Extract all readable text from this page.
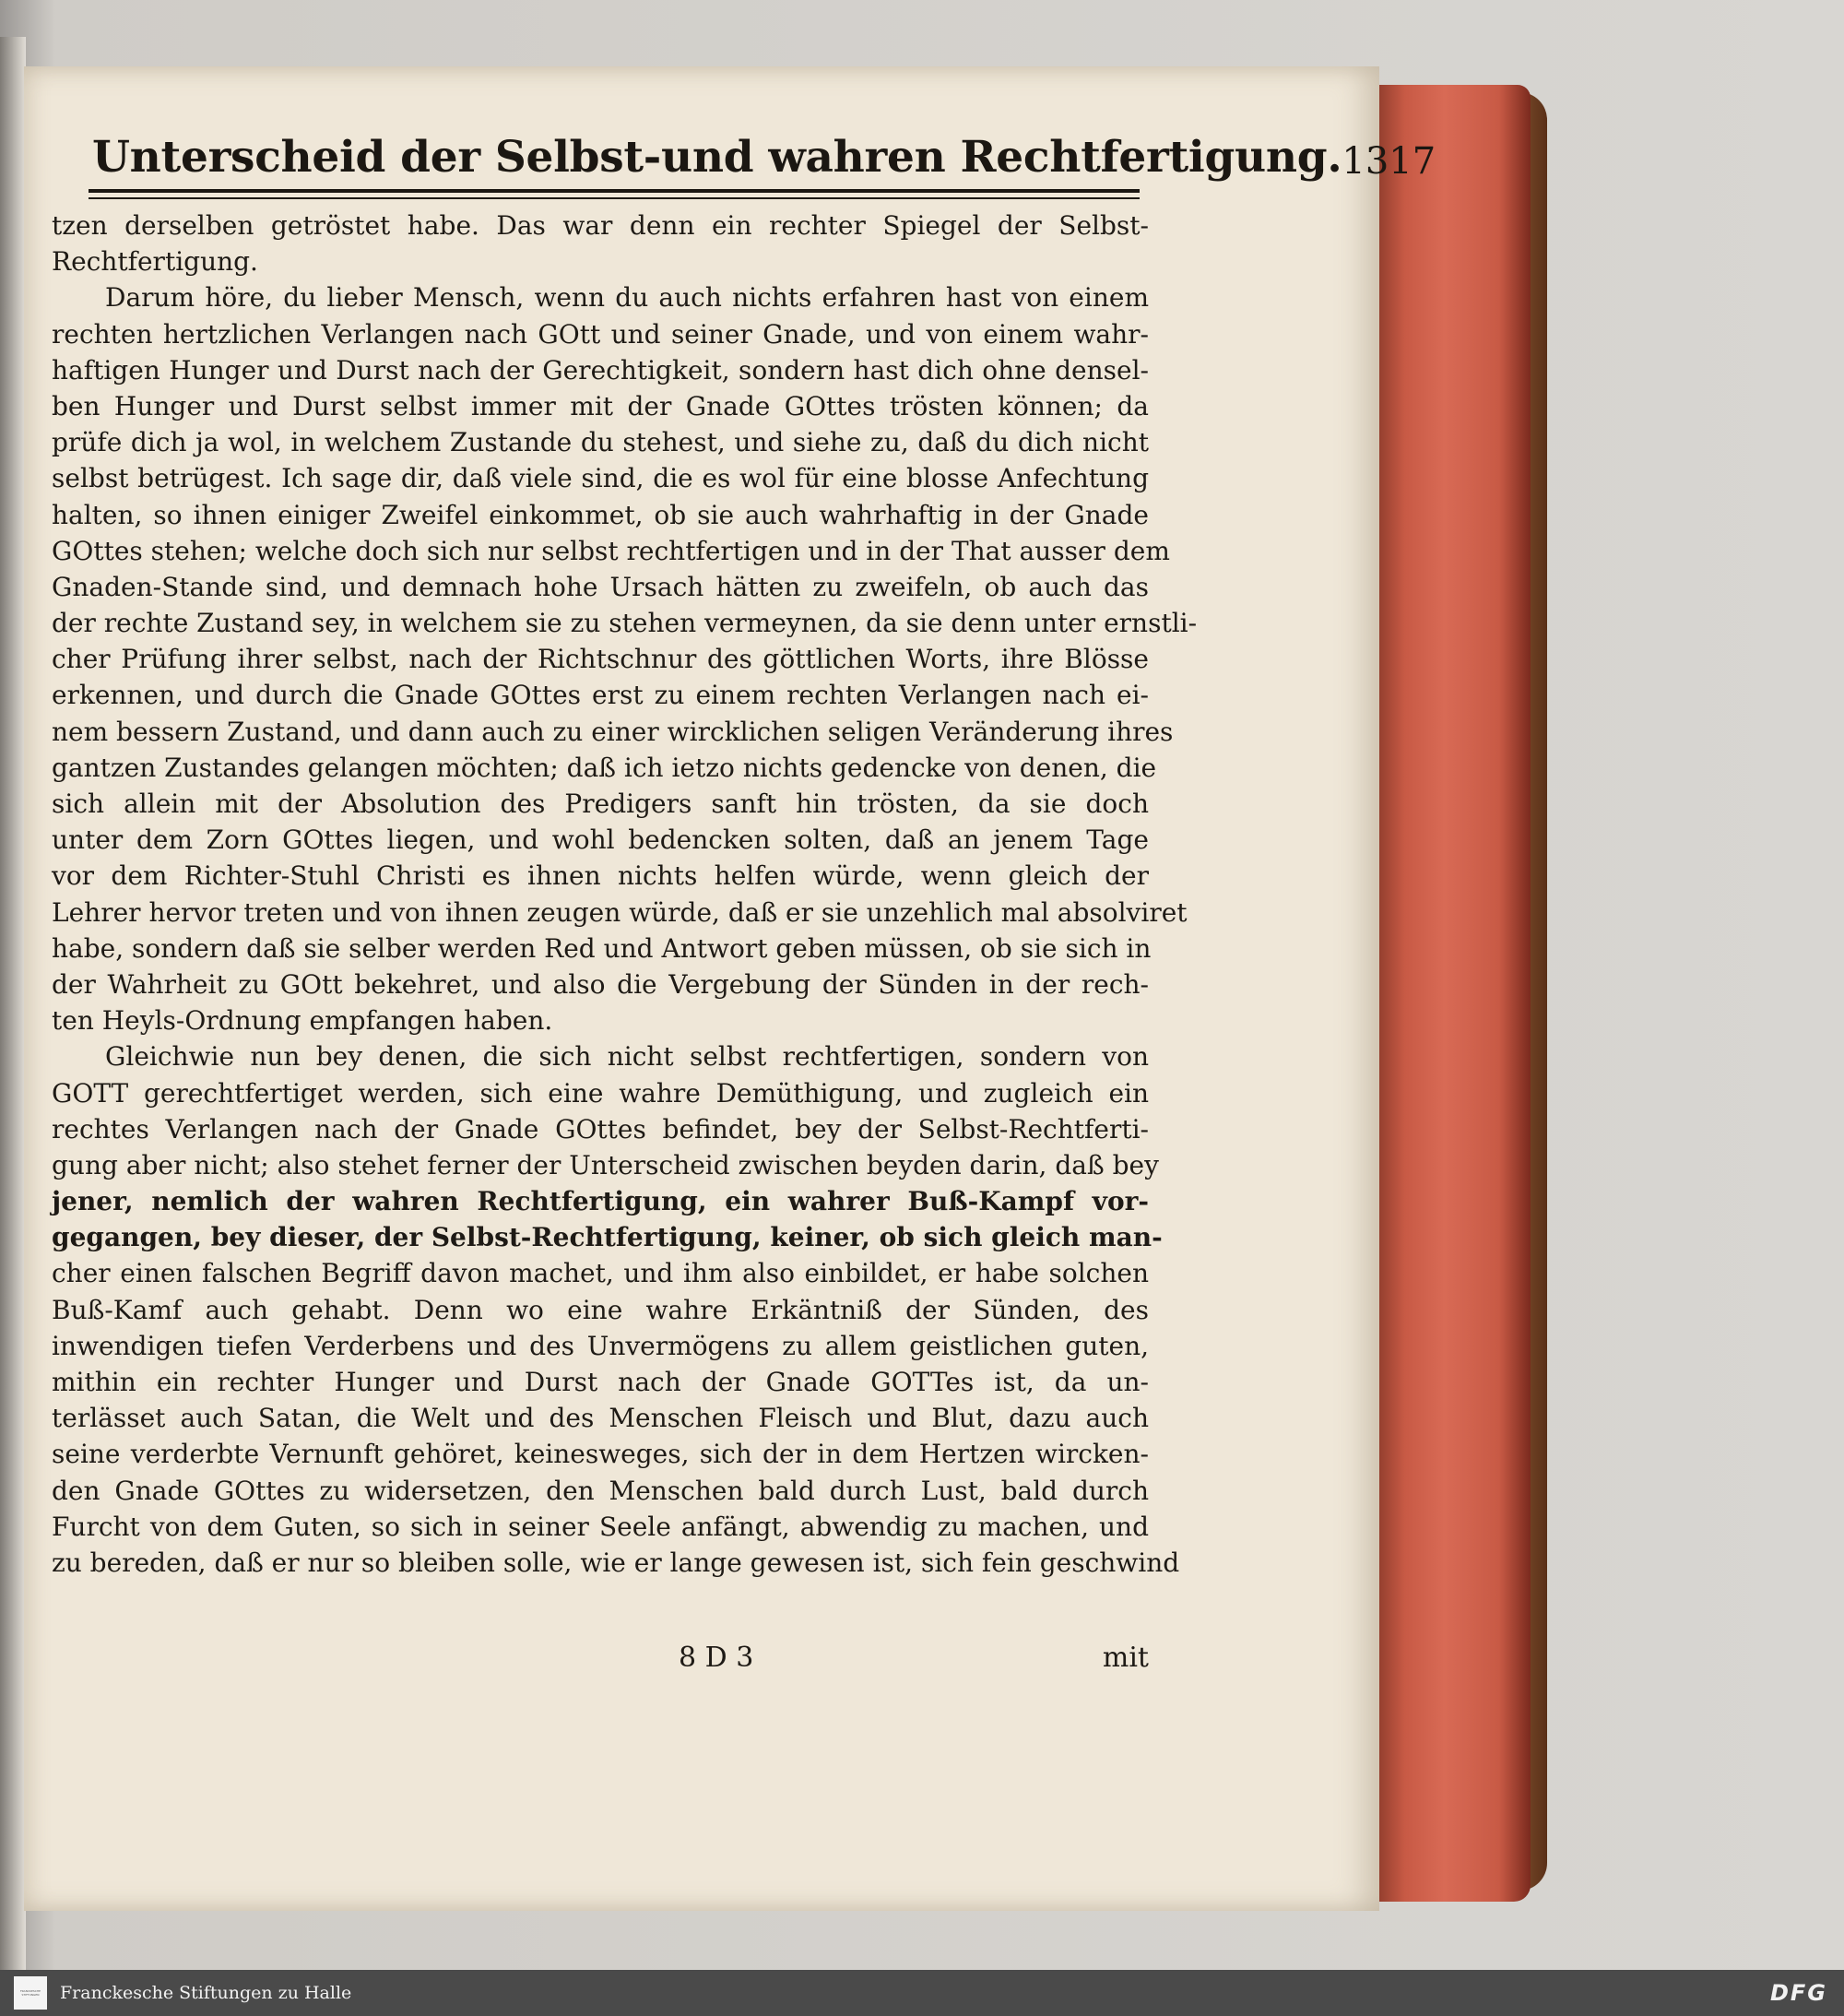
Unterscheid der Selbst-und wahren Rechtfertigung. 1317
tzen derselben getröstet habe. Das war denn ein rechter Spiegel der Selbst-
Rechtfertigung.
Darum höre, du lieber Mensch, wenn du auch nichts erfahren hast von einem
rechten hertzlichen Verlangen nach GOtt und seiner Gnade, und von einem wahr-
haftigen Hunger und Durst nach der Gerechtigkeit, sondern hast dich ohne densel-
ben Hunger und Durst selbst immer mit der Gnade GOttes trösten können; da
prüfe dich ja wol, in welchem Zustande du stehest, und siehe zu, daß du dich nicht
selbst betrügest. Ich sage dir, daß viele sind, die es wol für eine blosse Anfechtung
halten, so ihnen einiger Zweifel einkommet, ob sie auch wahrhaftig in der Gnade
GOttes stehen; welche doch sich nur selbst rechtfertigen und in der That ausser dem
Gnaden-Stande sind, und demnach hohe Ursach hätten zu zweifeln, ob auch das
der rechte Zustand sey, in welchem sie zu stehen vermeynen, da sie denn unter ernstli-
cher Prüfung ihrer selbst, nach der Richtschnur des göttlichen Worts, ihre Blösse
erkennen, und durch die Gnade GOttes erst zu einem rechten Verlangen nach ei-
nem bessern Zustand, und dann auch zu einer wircklichen seligen Veränderung ihres
gantzen Zustandes gelangen möchten; daß ich ietzo nichts gedencke von denen, die
sich allein mit der Absolution des Predigers sanft hin trösten, da sie doch
unter dem Zorn GOttes liegen, und wohl bedencken solten, daß an jenem Tage
vor dem Richter-Stuhl Christi es ihnen nichts helfen würde, wenn gleich der
Lehrer hervor treten und von ihnen zeugen würde, daß er sie unzehlich mal absolviret
habe, sondern daß sie selber werden Red und Antwort geben müssen, ob sie sich in
der Wahrheit zu GOtt bekehret, und also die Vergebung der Sünden in der rech-
ten Heyls-Ordnung empfangen haben.
Gleichwie nun bey denen, die sich nicht selbst rechtfertigen, sondern von
GOTT gerechtfertiget werden, sich eine wahre Demüthigung, und zugleich ein
rechtes Verlangen nach der Gnade GOttes befindet, bey der Selbst-Rechtferti-
gung aber nicht; also stehet ferner der Unterscheid zwischen beyden darin, daß bey
jener, nemlich der wahren Rechtfertigung, ein wahrer Buß-Kampf vor-
gegangen, bey dieser, der Selbst-Rechtfertigung, keiner, ob sich gleich man-
cher einen falschen Begriff davon machet, und ihm also einbildet, er habe solchen
Buß-Kamf auch gehabt. Denn wo eine wahre Erkäntniß der Sünden, des
inwendigen tiefen Verderbens und des Unvermögens zu allem geistlichen guten,
mithin ein rechter Hunger und Durst nach der Gnade GOTTes ist, da un-
terlässet auch Satan, die Welt und des Menschen Fleisch und Blut, dazu auch
seine verderbte Vernunft gehöret, keinesweges, sich der in dem Hertzen wircken-
den Gnade GOttes zu widersetzen, den Menschen bald durch Lust, bald durch
Furcht von dem Guten, so sich in seiner Seele anfängt, abwendig zu machen, und
zu bereden, daß er nur so bleiben solle, wie er lange gewesen ist, sich fein geschwind
8 D 3	mit
FRANCKESCHE STIFTUNGEN	Franckesche Stiftungen zu Halle	DFG
